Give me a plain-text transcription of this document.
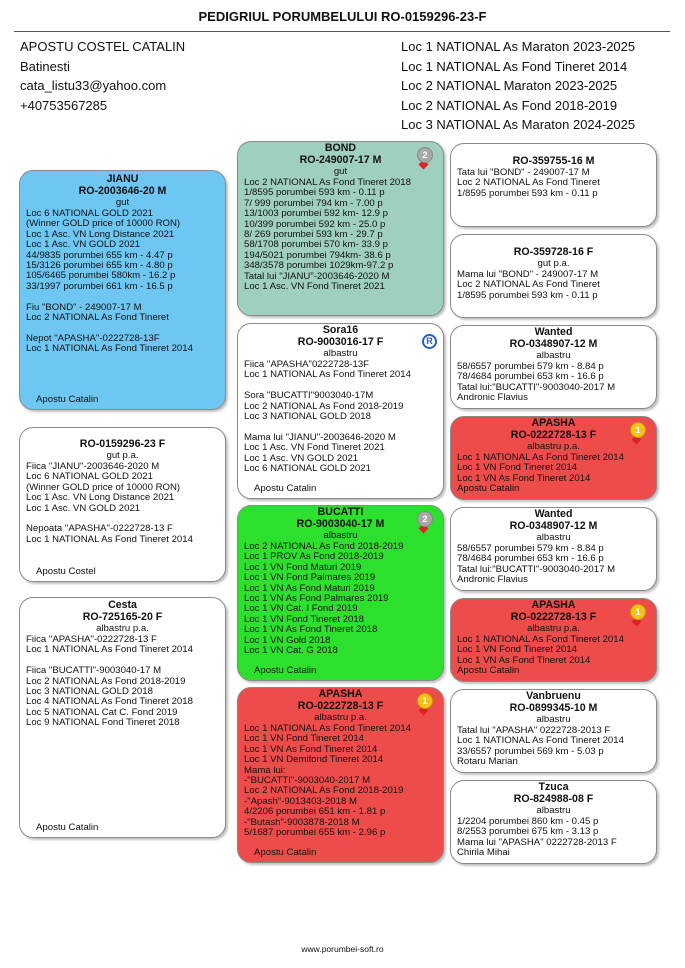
PEDIGRIUL PORUMBELULUI RO-0159296-23-F
APOSTU COSTEL CATALIN
Batinesti
cata_listu33@yahoo.com
+40753567285
Loc 1 NATIONAL As Maraton 2023-2025
Loc 1 NATIONAL As Fond Tineret 2014
Loc 2 NATIONAL Maraton 2023-2025
Loc 2 NATIONAL As Fond 2018-2019
Loc 3 NATIONAL As Maraton 2024-2025
JIANU
RO-2003646-20 M
gut
Loc 6 NATIONAL GOLD 2021
(Winner GOLD price of 10000 RON)
Loc 1 Asc. VN Long Distance 2021
Loc 1 Asc. VN GOLD 2021
44/9835 porumbei 655 km - 4.47 p
15/3126 porumbei 655 km - 4.80 p
105/6465 porumbei 580km - 16.2 p
33/1997 porumbei 661 km - 16.5 p
Fiu "BOND" - 249007-17 M
Loc 2 NATIONAL As Fond Tineret
Nepot "APASHA"-0222728-13F
Loc 1 NATIONAL As Fond Tineret 2014
Apostu Catalin
RO-0159296-23 F
gut p.a.
Fiica "JIANU"-2003646-2020 M
Loc 6 NATIONAL GOLD 2021
(Winner GOLD price of 10000 RON)
Loc 1 Asc. VN Long Distance 2021
Loc 1 Asc. VN GOLD 2021
Nepoata "APASHA"-0222728-13 F
Loc 1 NATIONAL As Fond Tineret 2014
Apostu Costel
Cesta
RO-725165-20 F
albastru p.a.
Fiica "APASHA"-0222728-13 F
Loc 1 NATIONAL As Fond Tineret 2014
Fiica "BUCATTI"-9003040-17 M
Loc 2 NATIONAL As Fond 2018-2019
Loc 3 NATIONAL GOLD 2018
Loc 4 NATIONAL As Fond Tineret 2018
Loc 5 NATIONAL Cat C. Fond 2019
Loc 9 NATIONAL Fond Tineret 2018
Apostu Catalin
BOND
RO-249007-17 M
gut
Loc 2 NATIONAL As Fond Tineret 2018
1/8595 porumbei 593 km - 0.11 p
7/ 999 porumbei 794 km - 7.00 p
13/1003 porumbei 592 km- 12.9 p
10/399 porumbei 592 km - 25.0 p
8/ 269 porumbei 593 km - 29.7 p
58/1708 porumbei 570 km- 33.9 p
194/5021 porumbei 794km- 38.6 p
348/3578 porumbei 1029km-97.2 p
Tatal lui "JIANU"-2003646-2020 M
Loc 1 Asc. VN Fond Tineret 2021
2
Sora16
RO-9003016-17 F
albastru
Fiica "APASHA"0222728-13F
Loc 1 NATIONAL As Fond Tineret 2014
Sora "BUCATTI"9003040-17M
Loc 2 NATIONAL As Fond 2018-2019
Loc 3 NATIONAL GOLD 2018
Mama lui "JIANU"-2003646-2020 M
Loc 1 Asc. VN Fond Tineret 2021
Loc 1 Asc. VN GOLD 2021
Loc 6 NATIONAL GOLD 2021
Apostu Catalin
R
BUCATTI
RO-9003040-17 M
albastru
Loc 2 NATIONAL As Fond 2018-2019
Loc 1 PROV As Fond 2018-2019
Loc 1 VN Fond Maturi 2019
Loc 1 VN Fond Palmares 2019
Loc 1 VN As Fond Maturi 2019
Loc 1 VN As Fond Palmares 2019
Loc 1 VN Cat. I Fond 2019
Loc 1 VN Fond Tineret 2018
Loc 1 VN As Fond Tineret 2018
Loc 1 VN Gold 2018
Loc 1 VN Cat. G 2018
Apostu Catalin
2
APASHA
RO-0222728-13 F
albastru p.a.
Loc 1 NATIONAL As Fond Tineret 2014
Loc 1 VN Fond Tineret 2014
Loc 1 VN As Fond Tineret 2014
Loc 1 VN Demifond Tineret 2014
Mama lui:
-"BUCATTI"-9003040-2017 M
Loc 2 NATIONAL As Fond 2018-2019
-"Apash"-9013403-2018 M
4/2206 porumbei 651 km - 1.81 p
-"Butash"-9003878-2018 M
5/1687 porumbei 655 km - 2.96 p
Apostu Catalin
1
RO-359755-16 M
Tata lui "BOND" - 249007-17 M
Loc 2 NATIONAL As Fond Tineret
1/8595 porumbei 593 km - 0.11 p
RO-359728-16 F
gut p.a.
Mama lui "BOND" - 249007-17 M
Loc 2 NATIONAL As Fond Tineret
1/8595 porumbei 593 km - 0.11 p
Wanted
RO-0348907-12 M
albastru
58/6557 porumbei 579 km - 8.84 p
78/4684 porumbei 653 km - 16.6 p
Tatal lui:"BUCATTI"-9003040-2017 M
Andronic Flavius
APASHA
RO-0222728-13 F
albastru p.a.
Loc 1 NATIONAL As Fond Tineret 2014
Loc 1 VN Fond Tineret 2014
Loc 1 VN As Fond Tineret 2014
Apostu Catalin
1
Wanted
RO-0348907-12 M
albastru
58/6557 porumbei 579 km - 8.84 p
78/4684 porumbei 653 km - 16.6 p
Tatal lui:"BUCATTI"-9003040-2017 M
Andronic Flavius
APASHA
RO-0222728-13 F
albastru p.a.
Loc 1 NATIONAL As Fond Tineret 2014
Loc 1 VN Fond Tineret 2014
Loc 1 VN As Fond Tineret 2014
Apostu Catalin
1
Vanbruenu
RO-0899345-10 M
albastru
Tatal lui "APASHA" 0222728-2013 F
Loc 1 NATIONAL As Fond Tineret 2014
33/6557 porumbei 569 km - 5.03 p
Rotaru Marian
Tzuca
RO-824988-08 F
albastru
1/2204 porumbei 860 km - 0.45 p
8/2553 porumbei 675 km - 3.13 p
Mama lui "APASHA" 0222728-2013 F
Chirila Mihai
www.porumbei-soft.ro
